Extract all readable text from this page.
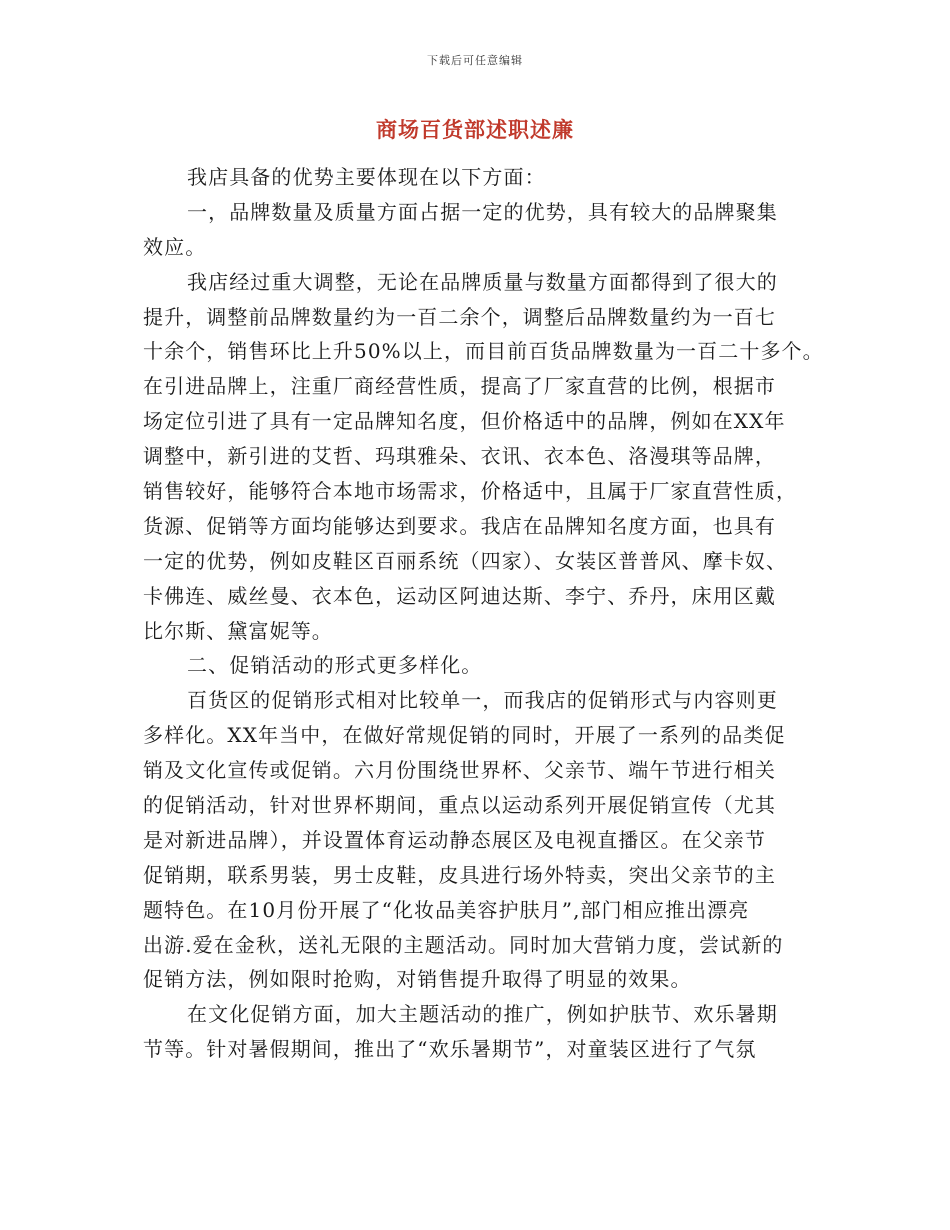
下载后可任意编辑
商场百货部述职述廉
我店具备的优势主要体现在以下方面：
一，品牌数量及质量方面占据一定的优势，具有较大的品牌聚集
效应。
我店经过重大调整，无论在品牌质量与数量方面都得到了很大的
提升，调整前品牌数量约为一百二余个，调整后品牌数量约为一百七
十余个，销售环比上升50%以上，而目前百货品牌数量为一百二十多个。
在引进品牌上，注重厂商经营性质，提高了厂家直营的比例，根据市
场定位引进了具有一定品牌知名度，但价格适中的品牌，例如在XX年
调整中，新引进的艾哲、玛琪雅朵、衣讯、衣本色、洛漫琪等品牌，
销售较好，能够符合本地市场需求，价格适中，且属于厂家直营性质，
货源、促销等方面均能够达到要求。我店在品牌知名度方面，也具有
一定的优势，例如皮鞋区百丽系统（四家）、女装区普普风、摩卡奴、
卡佛连、威丝曼、衣本色，运动区阿迪达斯、李宁、乔丹，床用区戴
比尔斯、黛富妮等。
二、促销活动的形式更多样化。
百货区的促销形式相对比较单一，而我店的促销形式与内容则更
多样化。XX年当中，在做好常规促销的同时，开展了一系列的品类促
销及文化宣传或促销。六月份围绕世界杯、父亲节、端午节进行相关
的促销活动，针对世界杯期间，重点以运动系列开展促销宣传（尤其
是对新进品牌），并设置体育运动静态展区及电视直播区。在父亲节
促销期，联系男装，男士皮鞋，皮具进行场外特卖，突出父亲节的主
题特色。在10月份开展了“化妆品美容护肤月”,部门相应推出漂亮
出游.爱在金秋，送礼无限的主题活动。同时加大营销力度，尝试新的
促销方法，例如限时抢购，对销售提升取得了明显的效果。
在文化促销方面，加大主题活动的推广，例如护肤节、欢乐暑期
节等。针对暑假期间，推出了“欢乐暑期节”，对童装区进行了气氛
